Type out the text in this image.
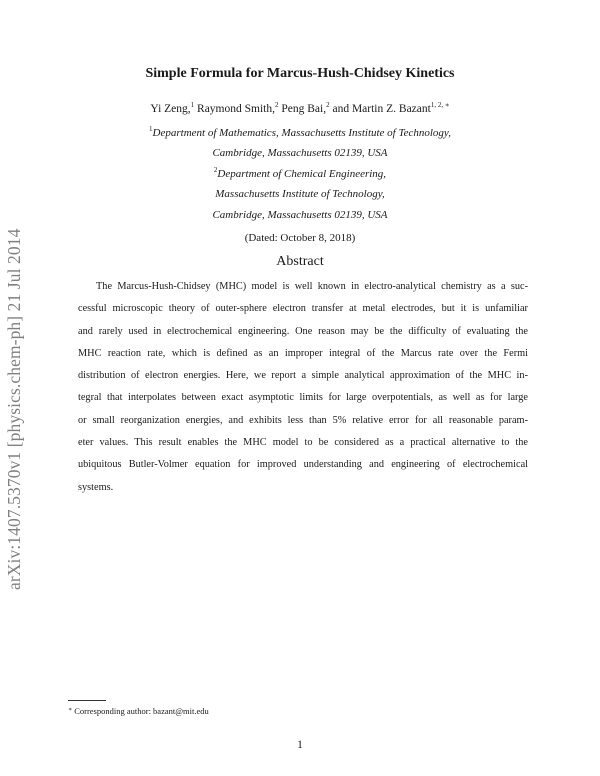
arXiv:1407.5370v1 [physics.chem-ph] 21 Jul 2014
Simple Formula for Marcus-Hush-Chidsey Kinetics
Yi Zeng,$^1$ Raymond Smith,$^2$ Peng Bai,$^2$ and Martin Z. Bazant$^{1, 2, ∗}$
$^1$Department of Mathematics, Massachusetts Institute of Technology,
Cambridge, Massachusetts 02139, USA
$^2$Department of Chemical Engineering,
Massachusetts Institute of Technology,
Cambridge, Massachusetts 02139, USA
(Dated: October 8, 2018)
Abstract
The Marcus-Hush-Chidsey (MHC) model is well known in electro-analytical chemistry as a suc-
cessful microscopic theory of outer-sphere electron transfer at metal electrodes, but it is unfamiliar
and rarely used in electrochemical engineering. One reason may be the difficulty of evaluating the
MHC reaction rate, which is defined as an improper integral of the Marcus rate over the Fermi
distribution of electron energies. Here, we report a simple analytical approximation of the MHC in-
tegral that interpolates between exact asymptotic limits for large overpotentials, as well as for large
or small reorganization energies, and exhibits less than 5% relative error for all reasonable param-
eter values. This result enables the MHC model to be considered as a practical alternative to the
ubiquitous Butler-Volmer equation for improved understanding and engineering of electrochemical
systems.
∗ Corresponding author: bazant@mit.edu
1
